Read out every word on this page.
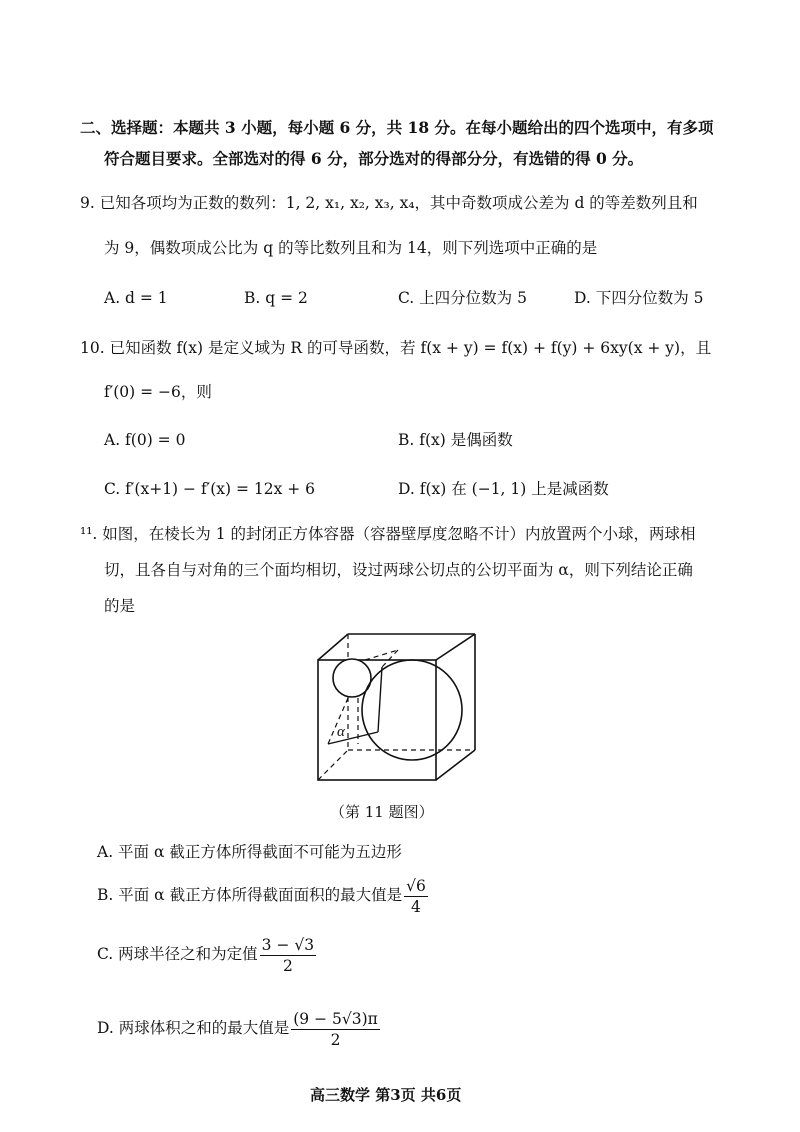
二、选择题：本题共 3 小题，每小题 6 分，共 18 分。在每小题给出的四个选项中，有多项
符合题目要求。全部选对的得 6 分，部分选对的得部分分，有选错的得 0 分。
9. 已知各项均为正数的数列：1, 2, x₁, x₂, x₃, x₄，其中奇数项成公差为 d 的等差数列且和
为 9，偶数项成公比为 q 的等比数列且和为 14，则下列选项中正确的是
A. d = 1	B. q = 2	C. 上四分位数为 5	D. 下四分位数为 5
10. 已知函数 f(x) 是定义域为 R 的可导函数，若 f(x + y) = f(x) + f(y) + 6xy(x + y)，且
f′(0) = −6，则
A. f(0) = 0	B. f(x) 是偶函数
C. f′(x+1) − f′(x) = 12x + 6	D. f(x) 在 (−1, 1) 上是减函数
¹¹. 如图，在棱长为 1 的封闭正方体容器（容器壁厚度忽略不计）内放置两个小球，两球相
切，且各自与对角的三个面均相切，设过两球公切点的公切平面为 α，则下列结论正确
的是
α
（第 11 题图）
A. 平面 α 截正方体所得截面不可能为五边形
B. 平面 α 截正方体所得截面面积的最大值是 $\frac{√6}{4}$
C. 两球半径之和为定值 $\frac{3 - √3}{2}$
D. 两球体积之和的最大值是 $\frac{(9 - 5√3)\pi}{2}$
高三数学 第3页 共6页
